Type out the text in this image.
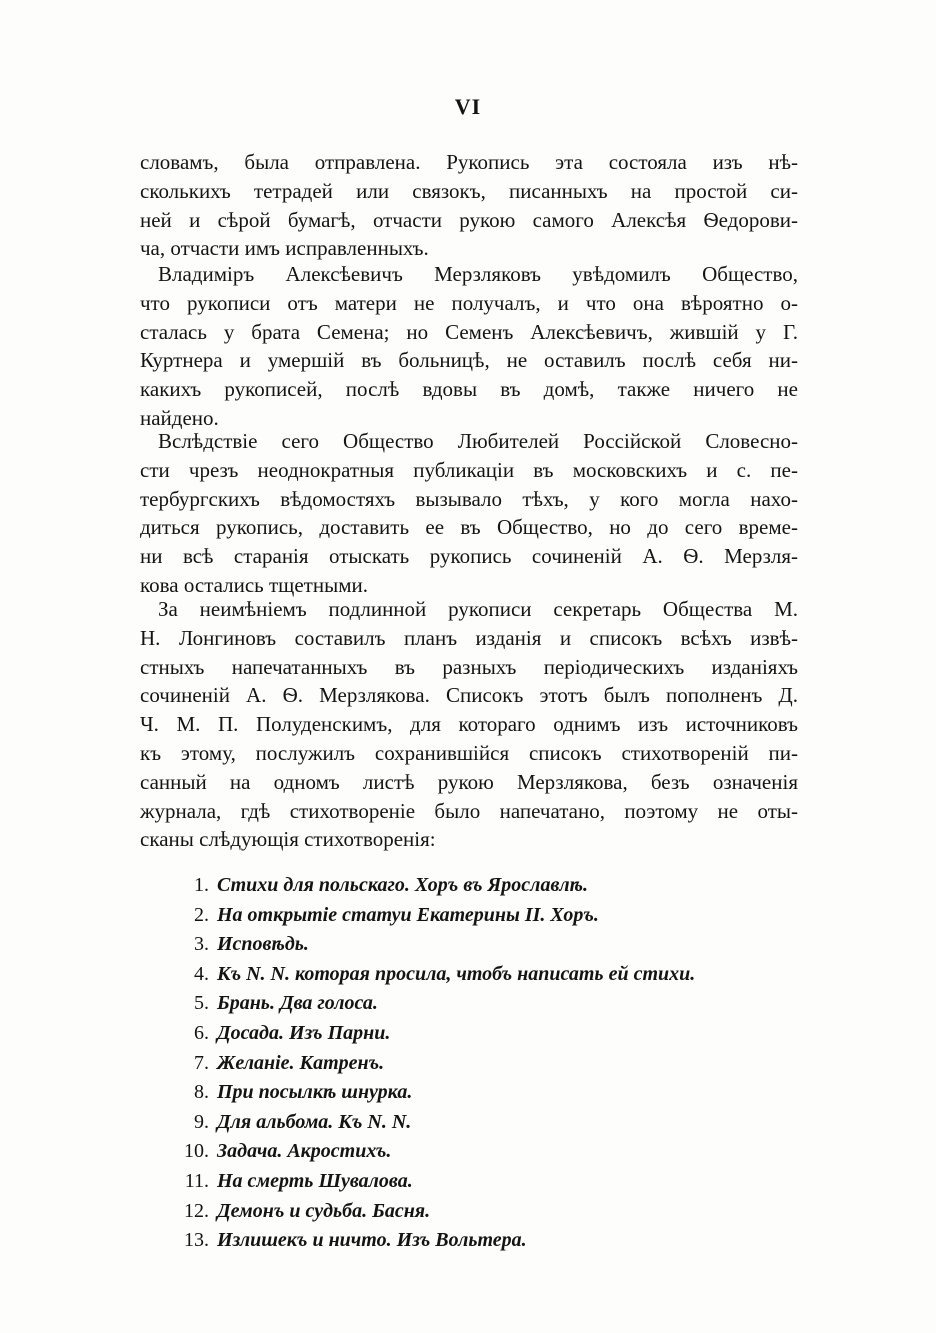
VI
словамъ, была отправлена. Рукопись эта состояла изъ нѣ-
сколькихъ тетрадей или связокъ, писанныхъ на простой си-
ней и сѣрой бумагѣ, отчасти рукою самого Алексѣя Ѳедорови-
ча, отчасти имъ исправленныхъ.
Владиміръ Алексѣевичъ Мерзляковъ увѣдомилъ Общество,
что рукописи отъ матери не получалъ, и что она вѣроятно о-
сталась у брата Семена; но Семенъ Алексѣевичъ, жившій у Г.
Куртнера и умершій въ больницѣ, не оставилъ послѣ себя ни-
какихъ рукописей, послѣ вдовы въ домѣ, также ничего не
найдено.
Вслѣдствіе сего Общество Любителей Россійской Словесно-
сти чрезъ неоднократныя публикаціи въ московскихъ и с. пе-
тербургскихъ вѣдомостяхъ вызывало тѣхъ, у кого могла нахо-
диться рукопись, доставить ее въ Общество, но до сего време-
ни всѣ старанія отыскать рукопись сочиненій А. Ѳ. Мерзля-
кова остались тщетными.
За неимѣніемъ подлинной рукописи секретарь Общества М.
Н. Лонгиновъ составилъ планъ изданія и списокъ всѣхъ извѣ-
стныхъ напечатанныхъ въ разныхъ періодическихъ изданіяхъ
сочиненій А. Ѳ. Мерзлякова. Списокъ этотъ былъ пополненъ Д.
Ч. М. П. Полуденскимъ, для котораго однимъ изъ источниковъ
къ этому, послужилъ сохранившійся списокъ стихотвореній пи-
санный на одномъ листѣ рукою Мерзлякова, безъ означенія
журнала, гдѣ стихотвореніе было напечатано, поэтому не оты-
сканы слѣдующія стихотворенія:
1. Стихи для польскаго. Хоръ въ Ярославлѣ.
2. На открытіе статуи Екатерины II. Хоръ.
3. Исповѣдь.
4. Къ N. N. которая просила, чтобъ написать ей стихи.
5. Брань. Два голоса.
6. Досада. Изъ Парни.
7. Желаніе. Катренъ.
8. При посылкѣ шнурка.
9. Для альбома. Къ N. N.
10. Задача. Акростихъ.
11. На смерть Шувалова.
12. Демонъ и судьба. Басня.
13. Излишекъ и ничто. Изъ Вольтера.
